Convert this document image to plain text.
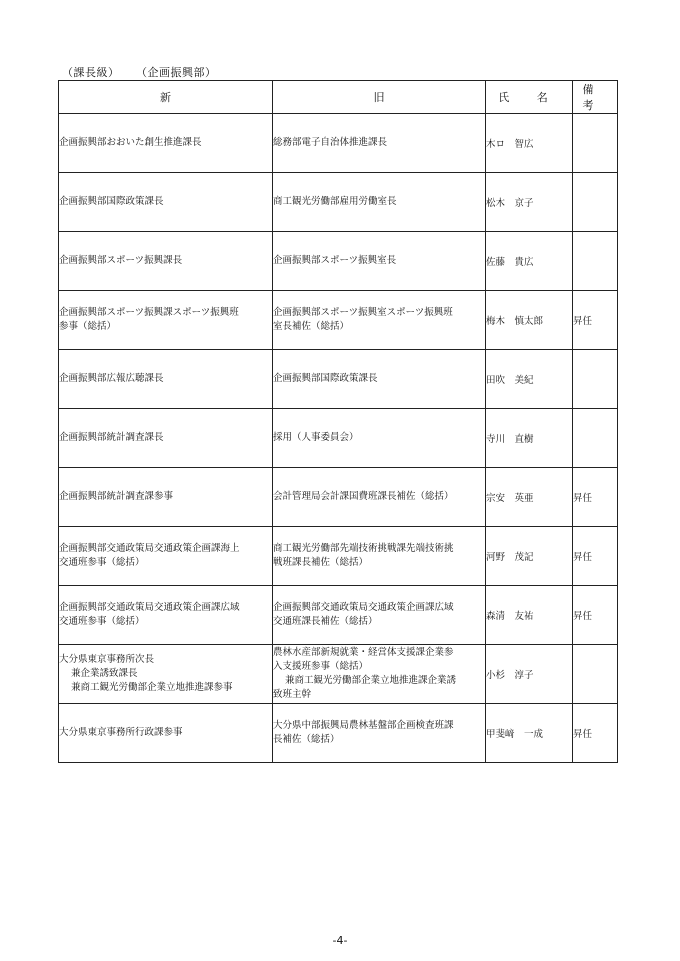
（課長級） （企画振興部）
新	旧	氏 名	備 考

企画振興部おおいた創生推進課長	総務部電子自治体推進課長	木ロ　智広	

企画振興部国際政策課長	商工観光労働部雇用労働室長	松木　京子	

企画振興部スポーツ振興課長	企画振興部スポーツ振興室長	佐藤　貴広	

企画振興部スポーツ振興課スポーツ振興班
参事（総括）	企画振興部スポーツ振興室スポーツ振興班
室長補佐（総括）	梅木　慎太郎	昇任

企画振興部広報広聴課長	企画振興部国際政策課長	田吹　美紀	

企画振興部統計調査課長	採用（人事委員会）	寺川　直樹	

企画振興部統計調査課参事	会計管理局会計課国費班課長補佐（総括）	宗安　英亜	昇任

企画振興部交通政策局交通政策企画課海上
交通班参事（総括）	商工観光労働部先端技術挑戦課先端技術挑
戦班課長補佐（総括）	河野　茂記	昇任

企画振興部交通政策局交通政策企画課広域
交通班参事（総括）	企画振興部交通政策局交通政策企画課広域
交通班課長補佐（総括）	森清　友祐	昇任

大分県東京事務所次長
兼企業誘致課長
兼商工観光労働部企業立地推進課参事	農林水産部新規就業・経営体支援課企業参
入支援班参事（総括）
兼商工観光労働部企業立地推進課企業誘
致班主幹	小杉　淳子	

大分県東京事務所行政課参事	大分県中部振興局農林基盤部企画検査班課
長補佐（総括）	甲斐﨑　一成	昇任
-4-
